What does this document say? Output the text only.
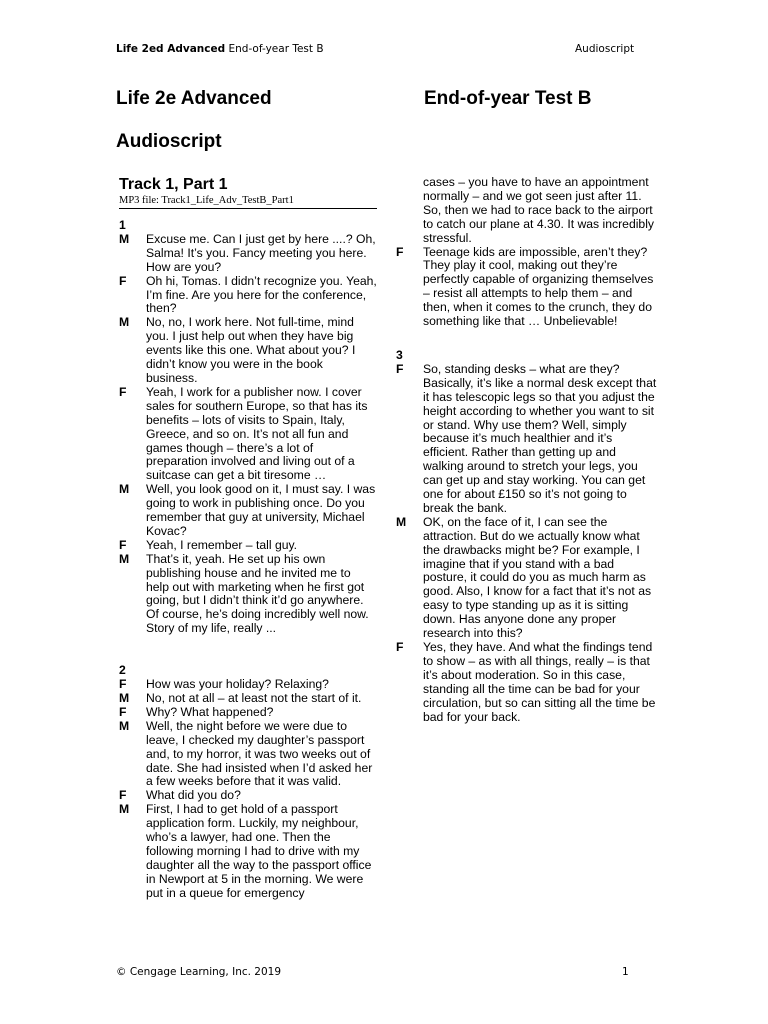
Life 2ed Advanced End-of-year Test B	Audioscript
Life 2e Advanced	End-of-year Test B
Audioscript
Track 1, Part 1
MP3 file: Track1_Life_Adv_TestB_Part1
1
M	Excuse me. Can I just get by here ....? Oh, Salma! It’s you. Fancy meeting you here. How are you?
F	Oh hi, Tomas. I didn’t recognize you. Yeah, I’m fine. Are you here for the conference, then?
M	No, no, I work here. Not full-time, mind you. I just help out when they have big events like this one. What about you? I didn’t know you were in the book business.
F	Yeah, I work for a publisher now. I cover sales for southern Europe, so that has its benefits – lots of visits to Spain, Italy, Greece, and so on. It’s not all fun and games though – there’s a lot of preparation involved and living out of a suitcase can get a bit tiresome …
M	Well, you look good on it, I must say. I was going to work in publishing once. Do you remember that guy at university, Michael Kovac?
F	Yeah, I remember – tall guy.
M	That’s it, yeah. He set up his own publishing house and he invited me to help out with marketing when he first got going, but I didn’t think it’d go anywhere. Of course, he’s doing incredibly well now. Story of my life, really ...
2
F	How was your holiday? Relaxing?
M	No, not at all – at least not the start of it.
F	Why? What happened?
M	Well, the night before we were due to leave, I checked my daughter’s passport and, to my horror, it was two weeks out of date. She had insisted when I’d asked her a few weeks before that it was valid.
F	What did you do?
M	First, I had to get hold of a passport application form. Luckily, my neighbour, who’s a lawyer, had one. Then the following morning I had to drive with my daughter all the way to the passport office in Newport at 5 in the morning. We were put in a queue for emergency
cases – you have to have an appointment normally – and we got seen just after 11. So, then we had to race back to the airport to catch our plane at 4.30. It was incredibly stressful.
F	Teenage kids are impossible, aren’t they? They play it cool, making out they’re perfectly capable of organizing themselves – resist all attempts to help them – and then, when it comes to the crunch, they do something like that … Unbelievable!
3
F	So, standing desks – what are they? Basically, it’s like a normal desk except that it has telescopic legs so that you adjust the height according to whether you want to sit or stand. Why use them? Well, simply because it’s much healthier and it’s efficient. Rather than getting up and walking around to stretch your legs, you can get up and stay working. You can get one for about £150 so it’s not going to break the bank.
M	OK, on the face of it, I can see the attraction. But do we actually know what the drawbacks might be? For example, I imagine that if you stand with a bad posture, it could do you as much harm as good. Also, I know for a fact that it’s not as easy to type standing up as it is sitting down. Has anyone done any proper research into this?
F	Yes, they have. And what the findings tend to show – as with all things, really – is that it’s about moderation. So in this case, standing all the time can be bad for your circulation, but so can sitting all the time be bad for your back.
© Cengage Learning, Inc. 2019	1
